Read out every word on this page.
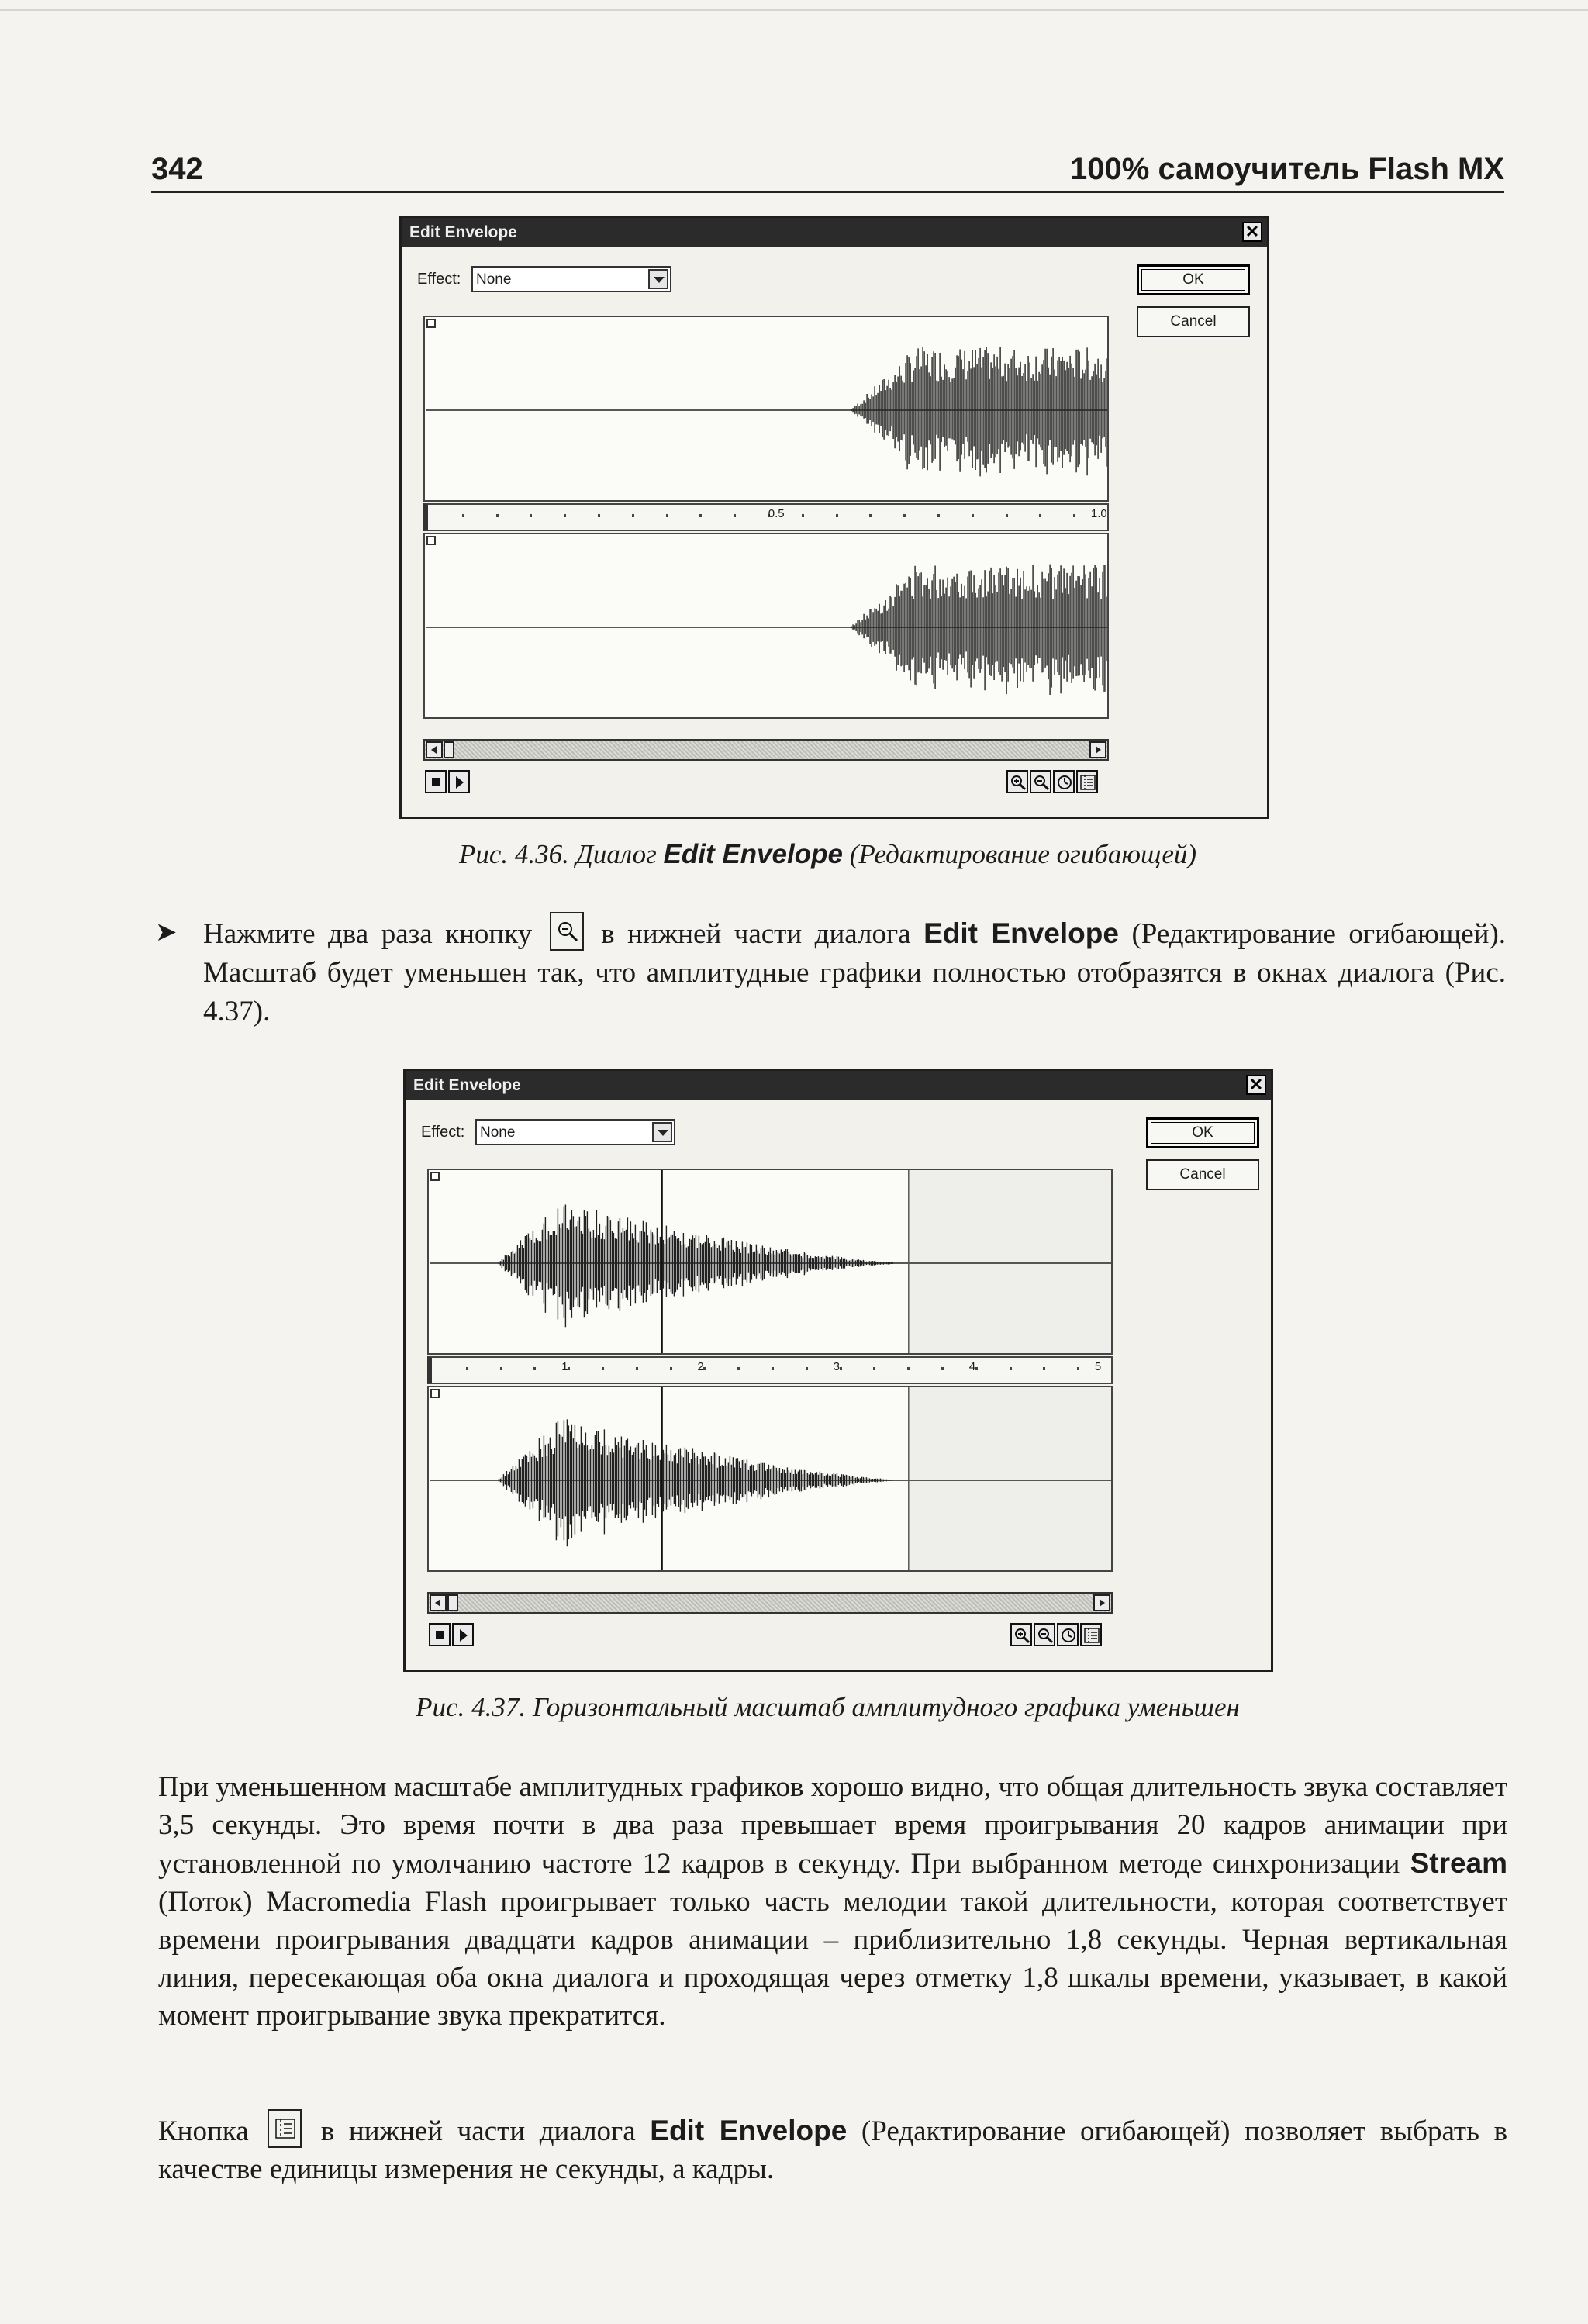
342	100% самоучитель Flash MX
Edit Envelope	✕
Effect: None	OK
Cancel
0.5	1.0
Рис. 4.36. Диалог Edit Envelope (Редактирование огибающей)
➤ Нажмите два раза кнопку в нижней части диалога Edit Envelope (Редактирование огибающей). Масштаб будет уменьшен так, что амплитудные графики полностью отобразятся в окнах диалога (Рис. 4.37).
Edit Envelope	✕
Effect: None	OK
Cancel
1	2	3	4	5
Рис. 4.37. Горизонтальный масштаб амплитудного графика уменьшен
При уменьшенном масштабе амплитудных графиков хорошо видно, что общая длительность звука составляет 3,5 секунды. Это время почти в два раза превышает время проигрывания 20 кадров анимации при установленной по умолчанию частоте 12 кадров в секунду. При выбранном методе синхронизации Stream (Поток) Macromedia Flash проигрывает только часть мелодии такой длительности, которая соответствует времени проигрывания двадцати кадров анимации – приблизительно 1,8 секунды. Черная вертикальная линия, пересекающая оба окна диалога и проходящая через отметку 1,8 шкалы времени, указывает, в какой момент проигрывание звука прекратится.
Кнопка	в нижней части диалога Edit Envelope (Редактирование огибающей) позволяет выбрать в качестве единицы измерения не секунды, а кадры.
